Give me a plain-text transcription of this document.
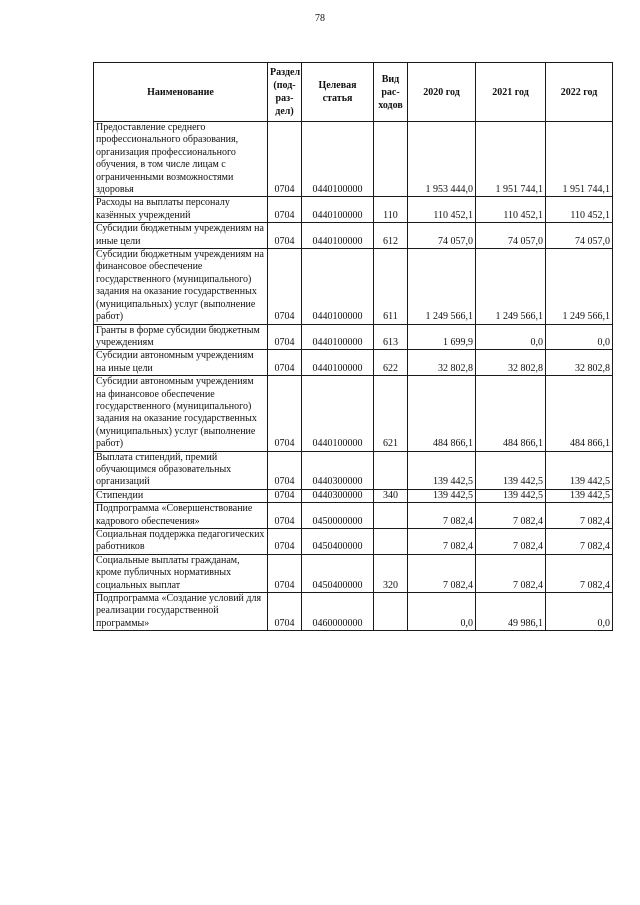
78
Наименование	Раздел (под-раз-дел)	Целевая статья	Вид рас-ходов	2020 год	2021 год	2022 год
Предоставление среднего профессионального образования, организация профессионального обучения, в том числе лицам с ограниченными возможностями здоровья	0704	0440100000		1 953 444,0	1 951 744,1	1 951 744,1
Расходы на выплаты персоналу казённых учреждений	0704	0440100000	110	110 452,1	110 452,1	110 452,1
Субсидии бюджетным учреждениям на иные цели	0704	0440100000	612	74 057,0	74 057,0	74 057,0
Субсидии бюджетным учреждениям на финансовое обеспечение государственного (муниципального) задания на оказание государственных (муниципальных) услуг (выполнение работ)	0704	0440100000	611	1 249 566,1	1 249 566,1	1 249 566,1
Гранты в форме субсидии бюджетным учреждениям	0704	0440100000	613	1 699,9	0,0	0,0
Субсидии автономным учреждениям на иные цели	0704	0440100000	622	32 802,8	32 802,8	32 802,8
Субсидии автономным учреждениям на финансовое обеспечение государственного (муниципального) задания на оказание государственных (муниципальных) услуг (выполнение работ)	0704	0440100000	621	484 866,1	484 866,1	484 866,1
Выплата стипендий, премий обучающимся образовательных организаций	0704	0440300000		139 442,5	139 442,5	139 442,5
Стипендии	0704	0440300000	340	139 442,5	139 442,5	139 442,5
Подпрограмма «Совершенствование кадрового обеспечения»	0704	0450000000		7 082,4	7 082,4	7 082,4
Социальная поддержка педагогических работников	0704	0450400000		7 082,4	7 082,4	7 082,4
Социальные выплаты гражданам, кроме публичных нормативных социальных выплат	0704	0450400000	320	7 082,4	7 082,4	7 082,4
Подпрограмма «Создание условий для реализации государственной программы»	0704	0460000000		0,0	49 986,1	0,0
